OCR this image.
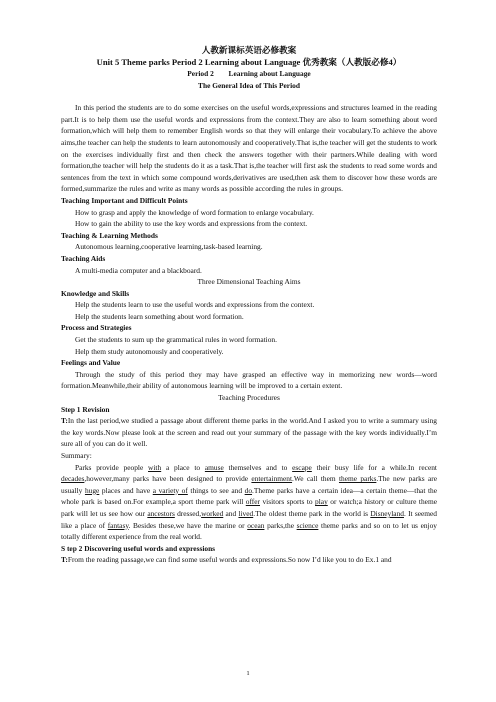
人教新课标英语必修教案

Unit 5 Theme parks Period 2 Learning about Language 优秀教案（人教版必修4）

Period 2　　Learning about Language

The General Idea of This Period

In this period the students are to do some exercises on the useful words,expressions and structures learned in the reading part.It is to help them use the useful words and expressions from the context.They are also to learn something about word formation,which will help them to remember English words so that they will enlarge their vocabulary.To achieve the above aims,the teacher can help the students to learn autonomously and cooperatively.That is,the teacher will get the students to work on the exercises individually first and then check the answers together with their partners.While dealing with word formation,the teacher will help the students do it as a task.That is,the teacher will first ask the students to read some words and sentences from the text in which some compound words,derivatives are used,then ask them to discover how these words are formed,summarize the rules and write as many words as possible according the rules in groups.

Teaching Important and Difficult Points

How to grasp and apply the knowledge of word formation to enlarge vocabulary.

How to gain the ability to use the key words and expressions from the context.

Teaching & Learning Methods

Autonomous learning,cooperative learning,task-based learning.

Teaching Aids

A multi-media computer and a blackboard.

Three Dimensional Teaching Aims

Knowledge and Skills

Help the students learn to use the useful words and expressions from the context.

Help the students learn something about word formation.

Process and Strategies

Get the students to sum up the grammatical rules in word formation.

Help them study autonomously and cooperatively.

Feelings and Value

Through the study of this period they may have grasped an effective way in memorizing new words—word formation.Meanwhile,their ability of autonomous learning will be improved to a certain extent.

Teaching Procedures

Step 1 Revision

T:In the last period,we studied a passage about different theme parks in the world.And I asked you to write a summary using the key words.Now please look at the screen and read out your summary of the passage with the key words individually.I’m sure all of you can do it well.

Summary:

Parks provide people with a place to amuse themselves and to escape their busy life for a while.In recent decades,however,many parks have been designed to provide entertainment.We call them theme parks.The new parks are usually huge places and have a variety of things to see and do.Theme parks have a certain idea—a certain theme—that the whole park is based on.For example,a sport theme park will offer visitors sports to play or watch;a history or culture theme park will let us see how our ancestors dressed,worked and lived.The oldest theme park in the world is Disneyland. It seemed like a place of fantasy. Besides these,we have the marine or ocean parks,the science theme parks and so on to let us enjoy totally different experience from the real world.

S tep 2 Discovering useful words and expressions

T:From the reading passage,we can find some useful words and expressions.So now I’d like you to do Ex.1 and

1
